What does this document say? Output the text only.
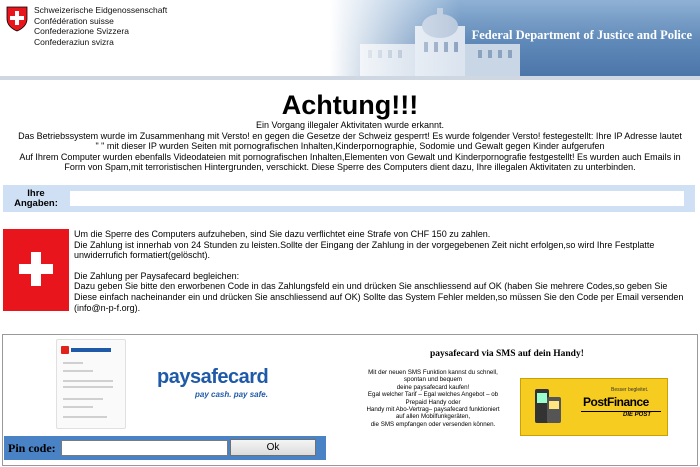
Schweizerische Eidgenossenschaft
Confédération suisse
Confederazione Svizzera
Confederaziun svizra	Federal Department of Justice and Police
Achtung!!!

Ein Vorgang illegaler Aktivitaten wurde erkannt.

Das Betriebssystem wurde im Zusammenhang mit Versto! en gegen die Gesetze der Schweiz gesperrt! Es wurde folgender Versto! festegestellt: Ihre IP Adresse lautet

" " mit dieser IP wurden Seiten mit pornografischen Inhalten,Kinderpornographie, Sodomie und Gewalt gegen Kinder aufgerufen

Auf Ihrem Computer wurden ebenfalls Videodateien mit pornografischen Inhalten,Elementen von Gewalt und Kinderpornografie festgestellt! Es wurden auch Emails in

Form von Spam,mit terroristischen Hintergrunden, verschickt. Diese Sperre des Computers dient dazu, Ihre illegalen Aktivitaten zu unterbinden.

Ihre
Angaben:

Um die Sperre des Computers aufzuheben, sind Sie dazu verflichtet eine Strafe von CHF 150 zu zahlen.

Die Zahlung ist innerhab von 24 Stunden zu leisten.Sollte der Eingang der Zahlung in der vorgegebenen Zeit nicht erfolgen,so wird Ihre Festplatte

unwiderrufich formatiert(gelöscht).

Die Zahlung per Paysafecard begleichen:

Dazu geben Sie bitte den erworbenen Code in das Zahlungsfeld ein und drücken Sie anschliessend auf OK (haben Sie mehrere Codes,so geben Sie

Diese einfach nacheinander ein und drücken Sie anschliessend auf OK) Sollte das System Fehler melden,so müssen Sie den Code per Email versenden

(info@n-p-f.org).

paysafecard
pay cash. pay safe.
paysafecard via SMS auf dein Handy!

Mit der neuen SMS Funktion kannst du schnell,

spontan und bequem

deine paysafecard kaufen!

Egal welcher Tarif – Egal welches Angebot – ob

Prepaid Handy oder

Handy mit Abo-Vertrag– paysafecard funktioniert

auf allen Mobilfunkgeräten,

die SMS empfangen oder versenden können.

Besser begleitet.
PostFinance
DIE POST
Pin code:	Ok
